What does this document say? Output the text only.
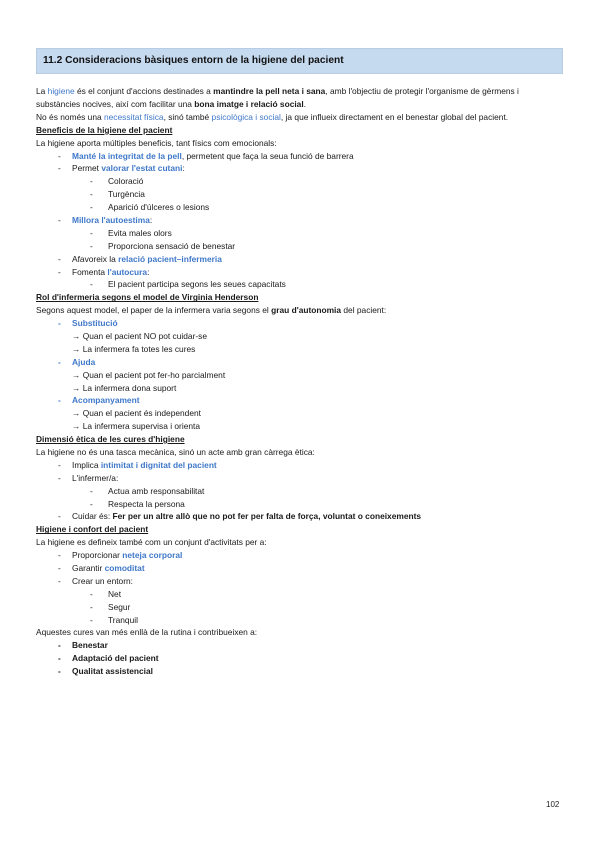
11.2 Consideracions bàsiques entorn de la higiene del pacient
La higiene és el conjunt d'accions destinades a mantindre la pell neta i sana, amb l'objectiu de protegir l'organisme de gèrmens i substàncies nocives, així com facilitar una bona imatge i relació social.
No és només una necessitat física, sinó també psicològica i social, ja que influeix directament en el benestar global del pacient.
Beneficis de la higiene del pacient
La higiene aporta múltiples beneficis, tant físics com emocionals:
- Manté la integritat de la pell, permetent que faça la seua funció de barrera
- Permet valorar l'estat cutani:
- Coloració
- Turgència
- Aparició d'úlceres o lesions
- Millora l'autoestima:
- Evita males olors
- Proporciona sensació de benestar
- Afavoreix la relació pacient–infermeria
- Fomenta l'autocura:
- El pacient participa segons les seues capacitats
Rol d'infermeria segons el model de Virginia Henderson
Segons aquest model, el paper de la infermera varia segons el grau d'autonomia del pacient:
- Substitució
→ Quan el pacient NO pot cuidar-se
→ La infermera fa totes les cures
- Ajuda
→ Quan el pacient pot fer-ho parcialment
→ La infermera dona suport
- Acompanyament
→ Quan el pacient és independent
→ La infermera supervisa i orienta
Dimensió ètica de les cures d'higiene
La higiene no és una tasca mecànica, sinó un acte amb gran càrrega ètica:
- Implica intimitat i dignitat del pacient
- L'infermer/a:
- Actua amb responsabilitat
- Respecta la persona
- Cuidar és: Fer per un altre allò que no pot fer per falta de força, voluntat o coneixements
Higiene i confort del pacient
La higiene es defineix també com un conjunt d'activitats per a:
- Proporcionar neteja corporal
- Garantir comoditat
- Crear un entorn:
- Net
- Segur
- Tranquil
Aquestes cures van més enllà de la rutina i contribueixen a:
- Benestar
- Adaptació del pacient
- Qualitat assistencial
102
